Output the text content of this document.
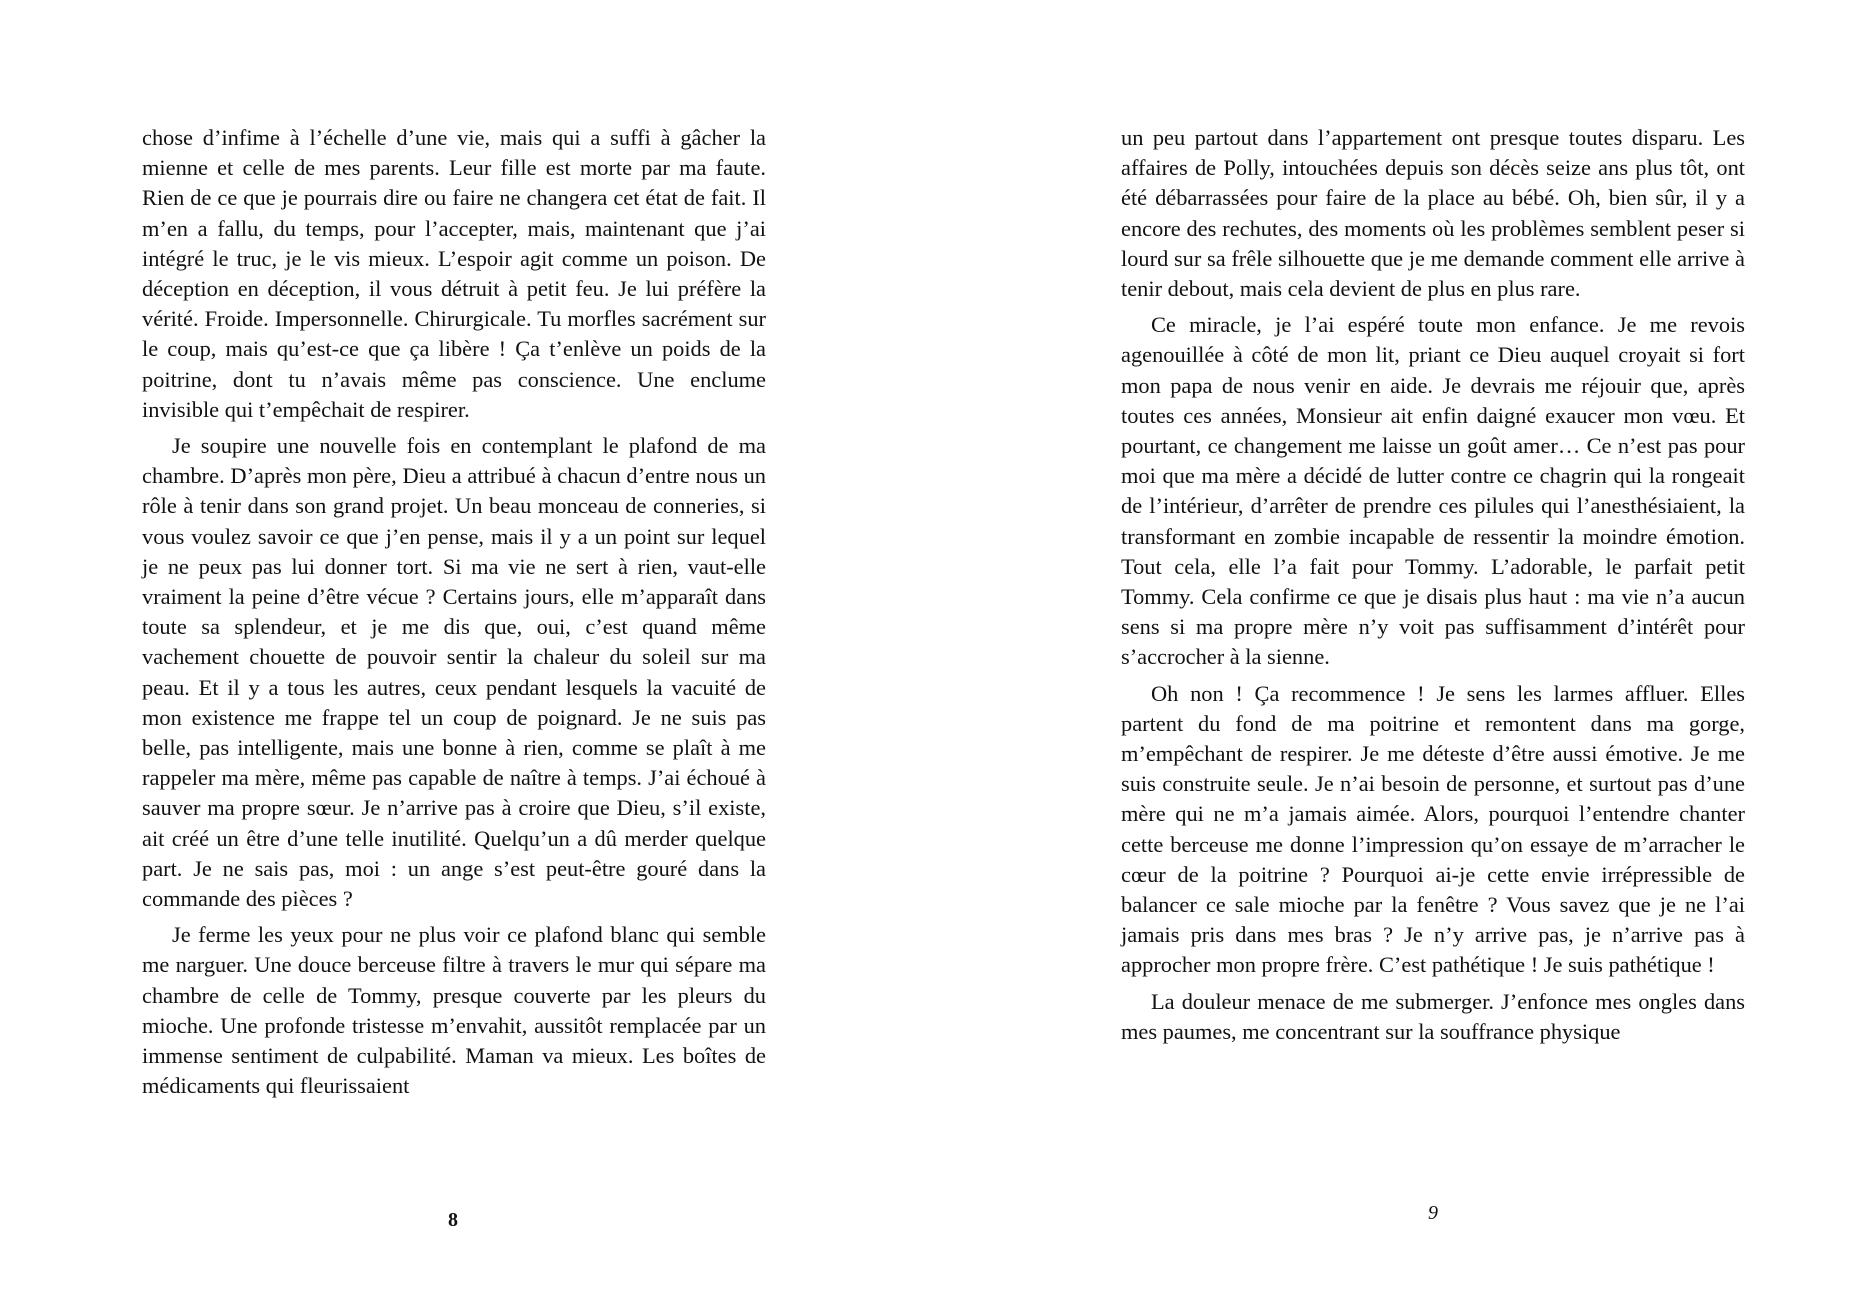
chose d’infime à l’échelle d’une vie, mais qui a suffi à gâcher la mienne et celle de mes parents. Leur fille est morte par ma faute. Rien de ce que je pourrais dire ou faire ne changera cet état de fait. Il m’en a fallu, du temps, pour l’accepter, mais, maintenant que j’ai intégré le truc, je le vis mieux. L’espoir agit comme un poison. De déception en déception, il vous détruit à petit feu. Je lui préfère la vérité. Froide. Impersonnelle. Chirurgicale. Tu morfles sacrément sur le coup, mais qu’est-ce que ça libère ! Ça t’enlève un poids de la poitrine, dont tu n’avais même pas conscience. Une enclume invisible qui t’empêchait de respirer.

Je soupire une nouvelle fois en contemplant le plafond de ma chambre. D’après mon père, Dieu a attribué à chacun d’entre nous un rôle à tenir dans son grand projet. Un beau monceau de conneries, si vous voulez savoir ce que j’en pense, mais il y a un point sur lequel je ne peux pas lui donner tort. Si ma vie ne sert à rien, vaut-elle vraiment la peine d’être vécue ? Certains jours, elle m’apparaît dans toute sa splendeur, et je me dis que, oui, c’est quand même vachement chouette de pouvoir sentir la chaleur du soleil sur ma peau. Et il y a tous les autres, ceux pendant lesquels la vacuité de mon existence me frappe tel un coup de poignard. Je ne suis pas belle, pas intelligente, mais une bonne à rien, comme se plaît à me rappeler ma mère, même pas capable de naître à temps. J’ai échoué à sauver ma propre sœur. Je n’arrive pas à croire que Dieu, s’il existe, ait créé un être d’une telle inutilité. Quelqu’un a dû merder quelque part. Je ne sais pas, moi : un ange s’est peut-être gouré dans la commande des pièces ?

Je ferme les yeux pour ne plus voir ce plafond blanc qui semble me narguer. Une douce berceuse filtre à travers le mur qui sépare ma chambre de celle de Tommy, presque couverte par les pleurs du mioche. Une profonde tristesse m’envahit, aussitôt remplacée par un immense sentiment de culpabilité. Maman va mieux. Les boîtes de médicaments qui fleurissaient

8

un peu partout dans l’appartement ont presque toutes disparu. Les affaires de Polly, intouchées depuis son décès seize ans plus tôt, ont été débarrassées pour faire de la place au bébé. Oh, bien sûr, il y a encore des rechutes, des moments où les problèmes semblent peser si lourd sur sa frêle silhouette que je me demande comment elle arrive à tenir debout, mais cela devient de plus en plus rare.

Ce miracle, je l’ai espéré toute mon enfance. Je me revois agenouillée à côté de mon lit, priant ce Dieu auquel croyait si fort mon papa de nous venir en aide. Je devrais me réjouir que, après toutes ces années, Monsieur ait enfin daigné exaucer mon vœu. Et pourtant, ce changement me laisse un goût amer… Ce n’est pas pour moi que ma mère a décidé de lutter contre ce chagrin qui la rongeait de l’intérieur, d’arrêter de prendre ces pilules qui l’anesthésiaient, la transformant en zombie incapable de ressentir la moindre émotion. Tout cela, elle l’a fait pour Tommy. L’adorable, le parfait petit Tommy. Cela confirme ce que je disais plus haut : ma vie n’a aucun sens si ma propre mère n’y voit pas suffisamment d’intérêt pour s’accrocher à la sienne.

Oh non ! Ça recommence ! Je sens les larmes affluer. Elles partent du fond de ma poitrine et remontent dans ma gorge, m’empêchant de respirer. Je me déteste d’être aussi émotive. Je me suis construite seule. Je n’ai besoin de personne, et surtout pas d’une mère qui ne m’a jamais aimée. Alors, pourquoi l’entendre chanter cette berceuse me donne l’impression qu’on essaye de m’arracher le cœur de la poitrine ? Pourquoi ai-je cette envie irrépressible de balancer ce sale mioche par la fenêtre ? Vous savez que je ne l’ai jamais pris dans mes bras ? Je n’y arrive pas, je n’arrive pas à approcher mon propre frère. C’est pathétique ! Je suis pathétique !

La douleur menace de me submerger. J’enfonce mes ongles dans mes paumes, me concentrant sur la souffrance physique

9
